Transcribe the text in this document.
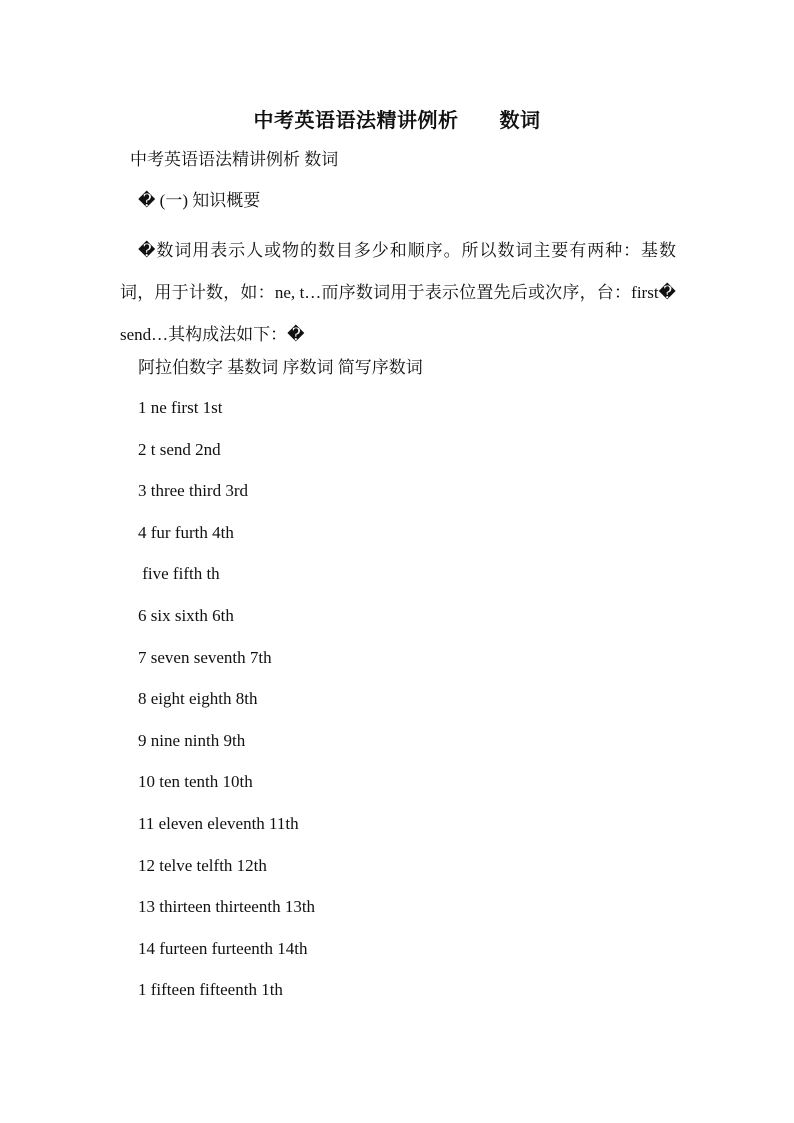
中考英语语法精讲例析　　数词
中考英语语法精讲例析 数词
� (一) 知识概要
�数词用表示人或物的数目多少和顺序。所以数词主要有两种：基数词，用于计数，如：ne, t…而序数词用于表示位置先后或次序，台：first� send…其构成法如下：�
阿拉伯数字 基数词 序数词 简写序数词
1 ne first 1st
2 t send 2nd
3 three third 3rd
4 fur furth 4th
five fifth th
6 six sixth 6th
7 seven seventh 7th
8 eight eighth 8th
9 nine ninth 9th
10 ten tenth 10th
11 eleven eleventh 11th
12 telve telfth 12th
13 thirteen thirteenth 13th
14 furteen furteenth 14th
1 fifteen fifteenth 1th
